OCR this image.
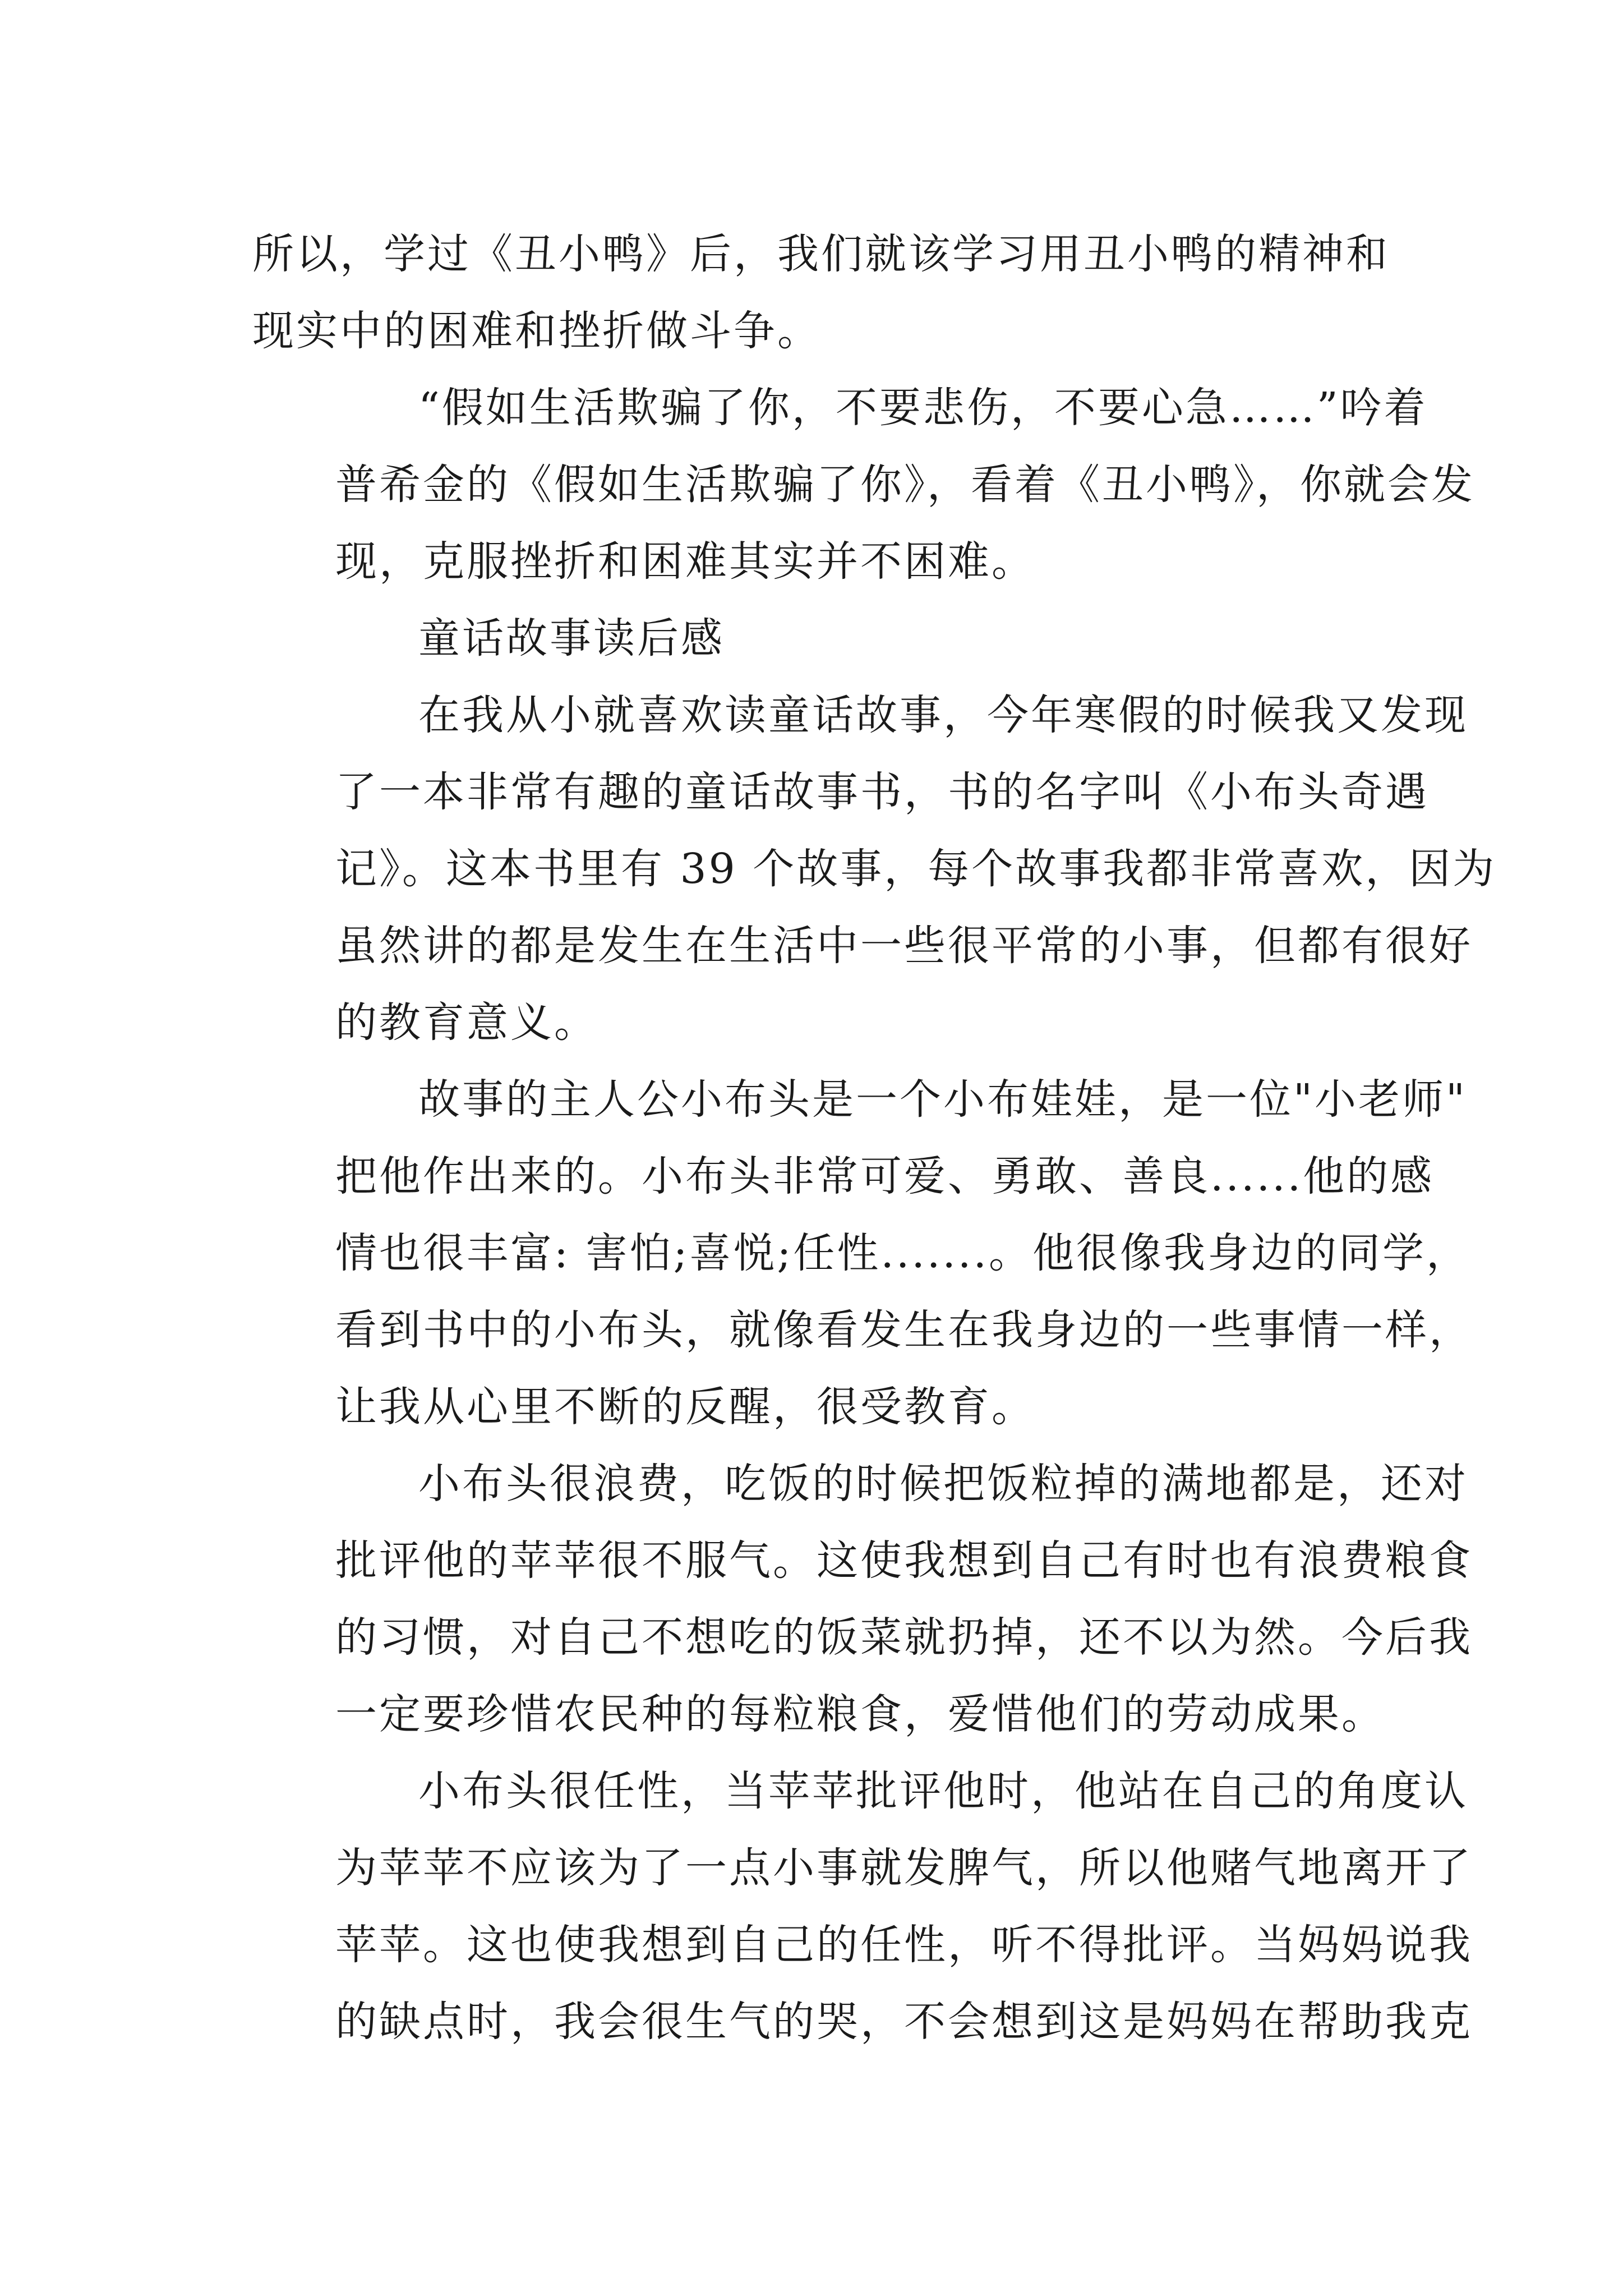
所以，学过《丑小鸭》后，我们就该学习用丑小鸭的精神和
现实中的困难和挫折做斗争。
“假如生活欺骗了你，不要悲伤，不要心急……”吟着
普希金的《假如生活欺骗了你》，看着《丑小鸭》，你就会发
现，克服挫折和困难其实并不困难。
童话故事读后感
在我从小就喜欢读童话故事，今年寒假的时候我又发现
了一本非常有趣的童话故事书，书的名字叫《小布头奇遇
记》。这本书里有 39 个故事，每个故事我都非常喜欢，因为
虽然讲的都是发生在生活中一些很平常的小事，但都有很好
的教育意义。
故事的主人公小布头是一个小布娃娃，是一位"小老师"
把他作出来的。小布头非常可爱、勇敢、善良......他的感
情也很丰富: 害怕;喜悦;任性.......。他很像我身边的同学，
看到书中的小布头，就像看发生在我身边的一些事情一样，
让我从心里不断的反醒，很受教育。
小布头很浪费，吃饭的时候把饭粒掉的满地都是，还对
批评他的苹苹很不服气。这使我想到自己有时也有浪费粮食
的习惯，对自己不想吃的饭菜就扔掉，还不以为然。今后我
一定要珍惜农民种的每粒粮食，爱惜他们的劳动成果。
小布头很任性，当苹苹批评他时，他站在自己的角度认
为苹苹不应该为了一点小事就发脾气，所以他赌气地离开了
苹苹。这也使我想到自己的任性，听不得批评。当妈妈说我
的缺点时，我会很生气的哭，不会想到这是妈妈在帮助我克
